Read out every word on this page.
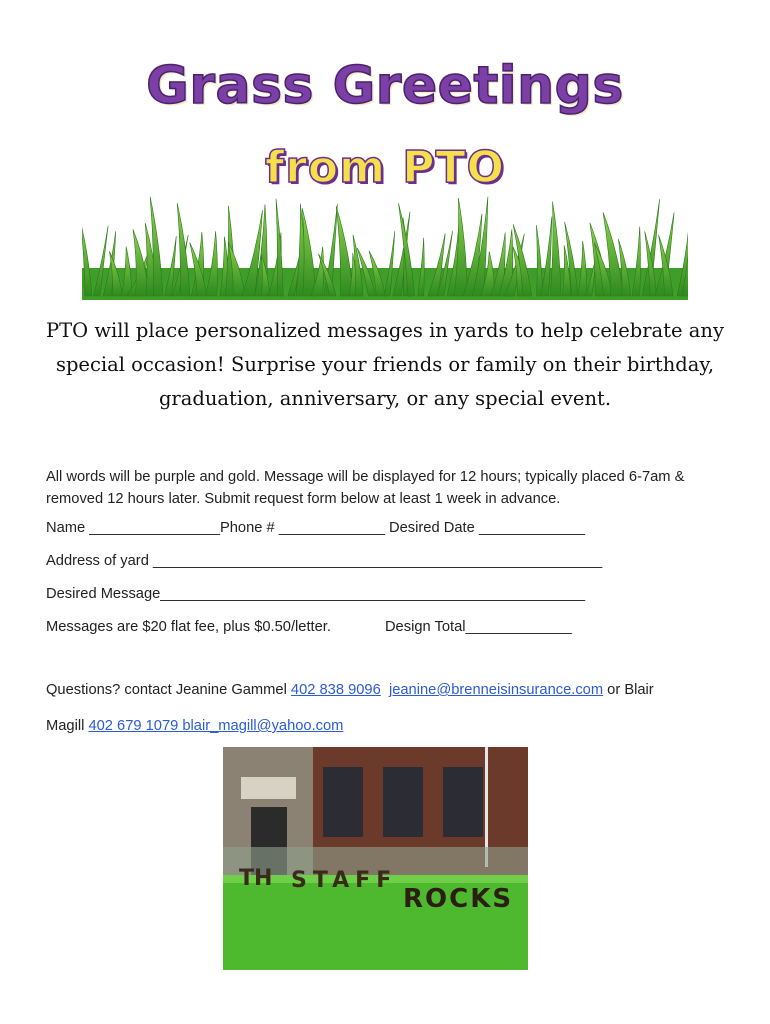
Grass Greetings
from PTO
PTO will place personalized messages in yards to help celebrate any special occasion! Surprise your friends or family on their birthday, graduation, anniversary, or any special event.
All words will be purple and gold. Message will be displayed for 12 hours; typically placed 6-7am & removed 12 hours later. Submit request form below at least 1 week in advance.
Name ________________Phone # _____________ Desired Date _____________
Address of yard _______________________________________________________
Desired Message____________________________________________________
Messages are $20 flat fee, plus $0.50/letter.	Design Total_____________
Questions? contact Jeanine Gammel 402 838 9096 jeanine@brenneisinsurance.com or Blair
Magill 402 679 1079 blair_magill@yahoo.com
TH STAFF
ROCKS
